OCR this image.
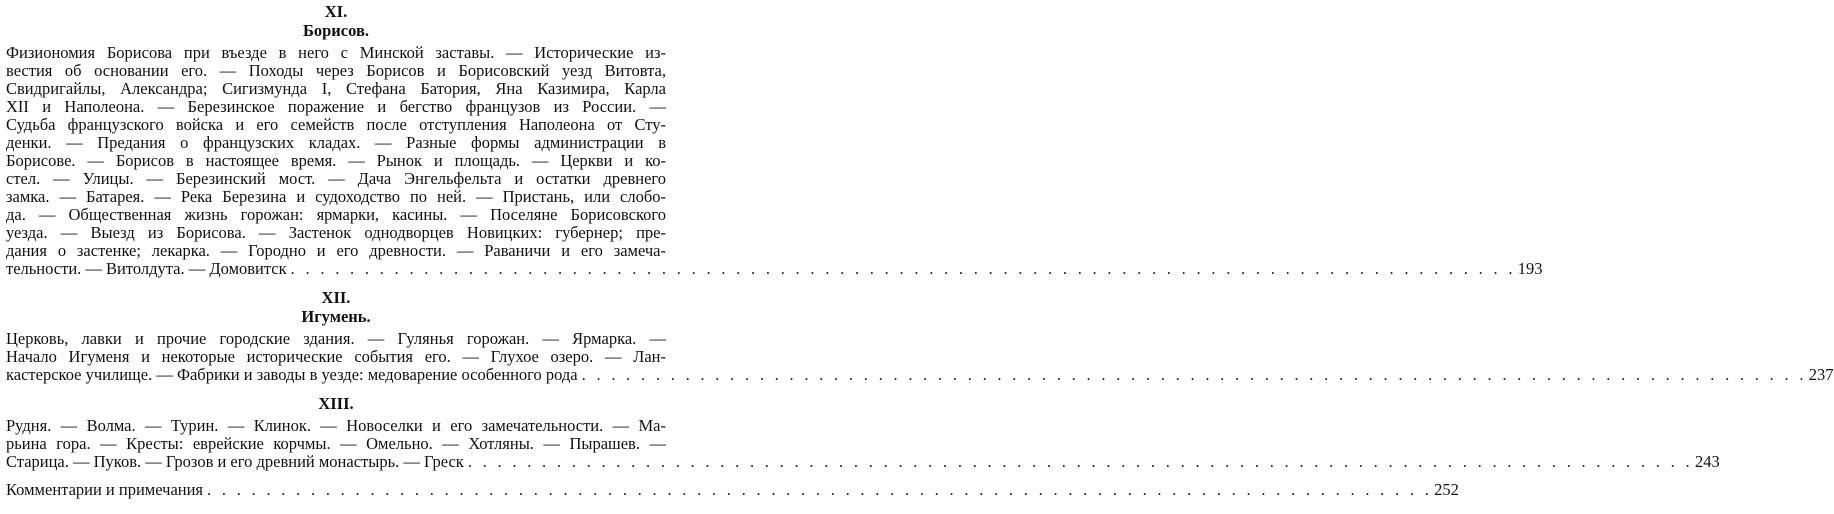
XI.
Борисов.
Физиономия Борисова при въезде в него с Минской заставы. — Исторические из-
вестия об основании его. — Походы через Борисов и Борисовский уезд Витовта,
Свидригайлы, Александра; Сигизмунда I, Стефана Батория, Яна Казимира, Карла
XII и Наполеона. — Березинское поражение и бегство французов из России. —
Судьба французского войска и его семейств после отступления Наполеона от Сту-
денки. — Предания о французских кладах. — Разные формы администрации в
Борисове. — Борисов в настоящее время. — Рынок и площадь. — Церкви и ко-
стел. — Улицы. — Березинский мост. — Дача Энгельфельта и остатки древнего
замка. — Батарея. — Река Березина и судоходство по ней. — Пристань, или слобо-
да. — Общественная жизнь горожан: ярмарки, касины. — Поселяне Борисовского
уезда. — Выезд из Борисова. — Застенок однодворцев Новицких: губернер; пре-
дания о застенке; лекарка. — Городно и его древности. — Раваничи и его замеча-
тельности. — Витолдута. — Домовитск . . . . . . . . . . . . . . . . . . . . . . . . . . . . . . . . . . . . . . . . . . . . . . . . . . . . . . . . . . . . . . . . . . . . . . . . . . . . . . . . . . . 193
XII.
Игумень.
Церковь, лавки и прочие городские здания. — Гулянья горожан. — Ярмарка. —
Начало Игуменя и некоторые исторические события его. — Глухое озеро. — Лан-
кастерское училище. — Фабрики и заводы в уезде: медоварение особенного рода . . . . . . . . . . . . . . . . . . . . . . . . . . . . . . . . . . . . . . . . . . . . . . . . . . . . . . . . . . . . . . . . . . . . . . . . . . . . . . . . . . . 237
XIII.
Рудня. — Волма. — Турин. — Клинок. — Новоселки и его замечательности. — Ма-
рьина гора. — Кресты: еврейские корчмы. — Омельно. — Хотляны. — Пырашев. —
Старица. — Пуков. — Грозов и его древний монастырь. — Греск . . . . . . . . . . . . . . . . . . . . . . . . . . . . . . . . . . . . . . . . . . . . . . . . . . . . . . . . . . . . . . . . . . . . . . . . . . . . . . . . . . . 243
Комментарии и примечания . . . . . . . . . . . . . . . . . . . . . . . . . . . . . . . . . . . . . . . . . . . . . . . . . . . . . . . . . . . . . . . . . . . . . . . . . . . . . . . . . . . 252
